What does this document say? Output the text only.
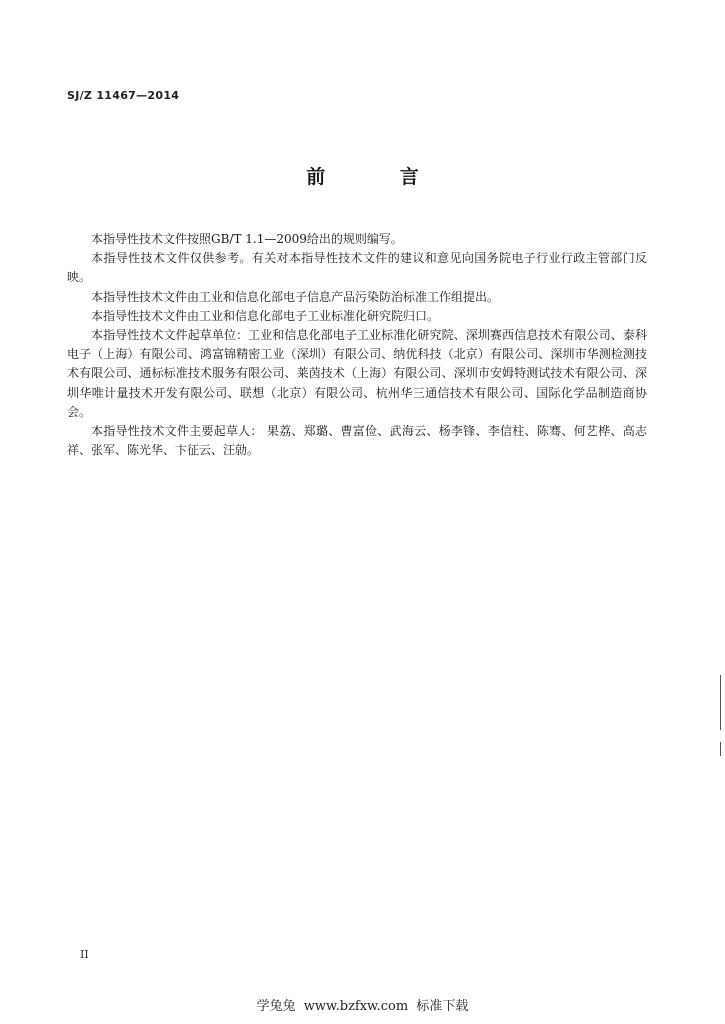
SJ/Z 11467—2014
前 言

本指导性技术文件按照GB/T 1.1—2009给出的规则编写。

本指导性技术文件仅供参考。有关对本指导性技术文件的建议和意见向国务院电子行业行政主管部门反映。

本指导性技术文件由工业和信息化部电子信息产品污染防治标准工作组提出。

本指导性技术文件由工业和信息化部电子工业标准化研究院归口。

本指导性技术文件起草单位：工业和信息化部电子工业标准化研究院、深圳赛西信息技术有限公司、泰科电子（上海）有限公司、鸿富锦精密工业（深圳）有限公司、纳优科技（北京）有限公司、深圳市华测检测技术有限公司、通标标准技术服务有限公司、莱茵技术（上海）有限公司、深圳市安姆特测试技术有限公司、深圳华唯计量技术开发有限公司、联想（北京）有限公司、杭州华三通信技术有限公司、国际化学品制造商协会。

本指导性技术文件主要起草人： 果荔、郑璐、曹富俭、武海云、杨李锋、李信柱、陈骞、何艺桦、高志祥、张军、陈光华、卞征云、汪勍。

II
学兔兔 www.bzfxw.com 标准下载
